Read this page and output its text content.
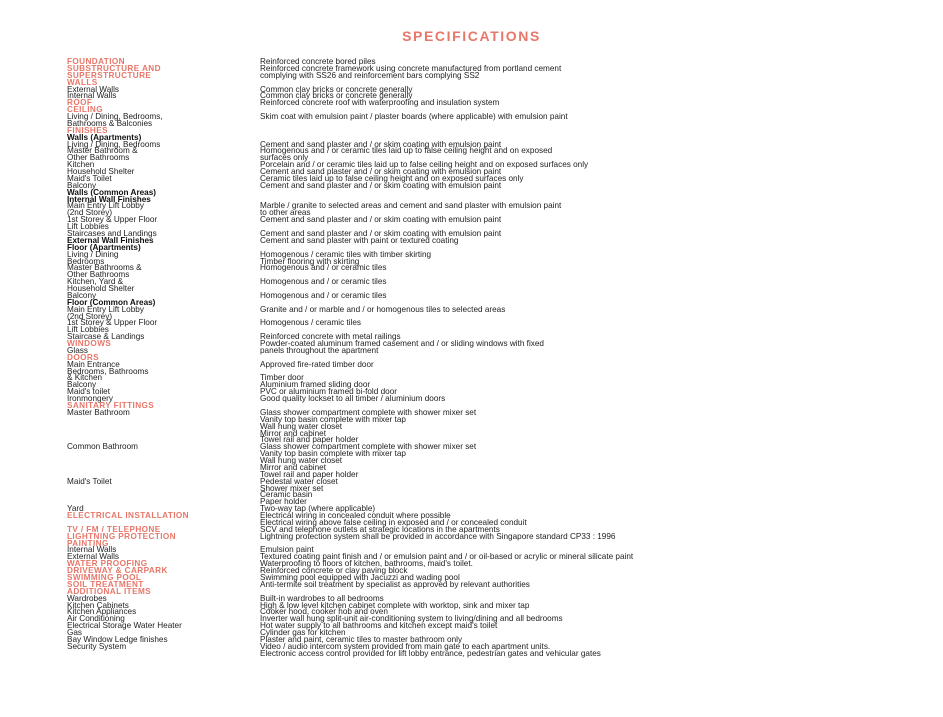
SPECIFICATIONS
FOUNDATION	Reinforced concrete bored piles
SUBSTRUCTURE AND	Reinforced concrete framework using concrete manufactured from portland cement
SUPERSTRUCTURE	complying with SS26 and reinforcement bars complying SS2
WALLS
External Walls	Common clay bricks or concrete generally
Internal Walls	Common clay bricks or concrete generally
ROOF	Reinforced concrete roof with waterproofing and insulation system
CEILING
Living / Dining, Bedrooms,	Skim coat with emulsion paint / plaster boards (where applicable) with emulsion paint
Bathrooms & Balconies
FINISHES
Walls (Apartments)
Living / Dining, Bedrooms	Cement and sand plaster and / or skim coating with emulsion paint
Master Bathroom &	Homogenous and / or ceramic tiles laid up to false ceiling height and on exposed
Other Bathrooms	surfaces only
Kitchen	Porcelain and / or ceramic tiles laid up to false ceiling height and on exposed surfaces only
Household Shelter	Cement and sand plaster and / or skim coating with emulsion paint
Maid's Toilet	Ceramic tiles laid up to false ceiling height and on exposed surfaces only
Balcony	Cement and sand plaster and / or skim coating with emulsion paint
Walls (Common Areas)
Internal Wall Finishes
Main Entry Lift Lobby	Marble / granite to selected areas and cement and sand plaster with emulsion paint
(2nd Storey)	to other areas
1st Storey & Upper Floor	Cement and sand plaster and / or skim coating with emulsion paint
Lift Lobbies
Staircases and Landings	Cement and sand plaster and / or skim coating with emulsion paint
External Wall Finishes	Cement and sand plaster with paint or textured coating
Floor (Apartments)
Living / Dining	Homogenous / ceramic tiles with timber skirting
Bedrooms	Timber flooring with skirting
Master Bathrooms &	Homogenous and / or ceramic tiles
Other Bathrooms
Kitchen, Yard &	Homogenous and / or ceramic tiles
Household Shelter
Balcony	Homogenous and / or ceramic tiles
Floor (Common Areas)
Main Entry Lift Lobby	Granite and / or marble and / or homogenous tiles to selected areas
(2nd Storey)
1st Storey & Upper Floor	Homogenous / ceramic tiles
Lift Lobbies
Staircase & Landings	Reinforced concrete with metal railings
WINDOWS	Powder-coated aluminum framed casement and / or sliding windows with fixed
Glass	panels throughout the apartment
DOORS
Main Entrance	Approved fire-rated timber door
Bedrooms, Bathrooms
& Kitchen	Timber door
Balcony	Aluminium framed sliding door
Maid's toilet	PVC or aluminium framed bi-fold door
Ironmongery	Good quality lockset to all timber / aluminium doors
SANITARY FITTINGS
Master Bathroom	Glass shower compartment complete with shower mixer set
Vanity top basin complete with mixer tap
Wall hung water closet
Mirror and cabinet
Towel rail and paper holder
Common Bathroom	Glass shower compartment complete with shower mixer set
Vanity top basin complete with mixer tap
Wall hung water closet
Mirror and cabinet
Towel rail and paper holder
Maid's Toilet	Pedestal water closet
Shower mixer set
Ceramic basin
Paper holder
Yard	Two-way tap (where applicable)
ELECTRICAL INSTALLATION	Electrical wiring in concealed conduit where possible
Electrical wiring above false ceiling in exposed and / or concealed conduit
TV / FM / TELEPHONE	SCV and telephone outlets at strategic locations in the apartments
LIGHTNING PROTECTION	Lightning protection system shall be provided in accordance with Singapore standard CP33 : 1996
PAINTING
Internal Walls	Emulsion paint
External Walls	Textured coating paint finish and / or emulsion paint and / or oil-based or acrylic or mineral silicate paint
WATER PROOFING	Waterproofing to floors of kitchen, bathrooms, maid's toilet.
DRIVEWAY & CARPARK	Reinforced concrete or clay paving block
SWIMMING POOL	Swimming pool equipped with Jacuzzi and wading pool
SOIL TREATMENT	Anti-termite soil treatment by specialist as approved by relevant authorities
ADDITIONAL ITEMS
Wardrobes	Built-in wardrobes to all bedrooms
Kitchen Cabinets	High & low level kitchen cabinet complete with worktop, sink and mixer tap
Kitchen Appliances	Cooker hood, cooker hob and oven
Air Conditioning	Inverter wall hung split-unit air-conditioning system to living/dining and all bedrooms
Electrical Storage Water Heater	Hot water supply to all bathrooms and kitchen except maid's toilet
Gas	Cylinder gas for kitchen
Bay Window Ledge finishes	Plaster and paint, ceramic tiles to master bathroom only
Security System	Video / audio intercom system provided from main gate to each apartment units.
Electronic access control provided for lift lobby entrance, pedestrian gates and vehicular gates
